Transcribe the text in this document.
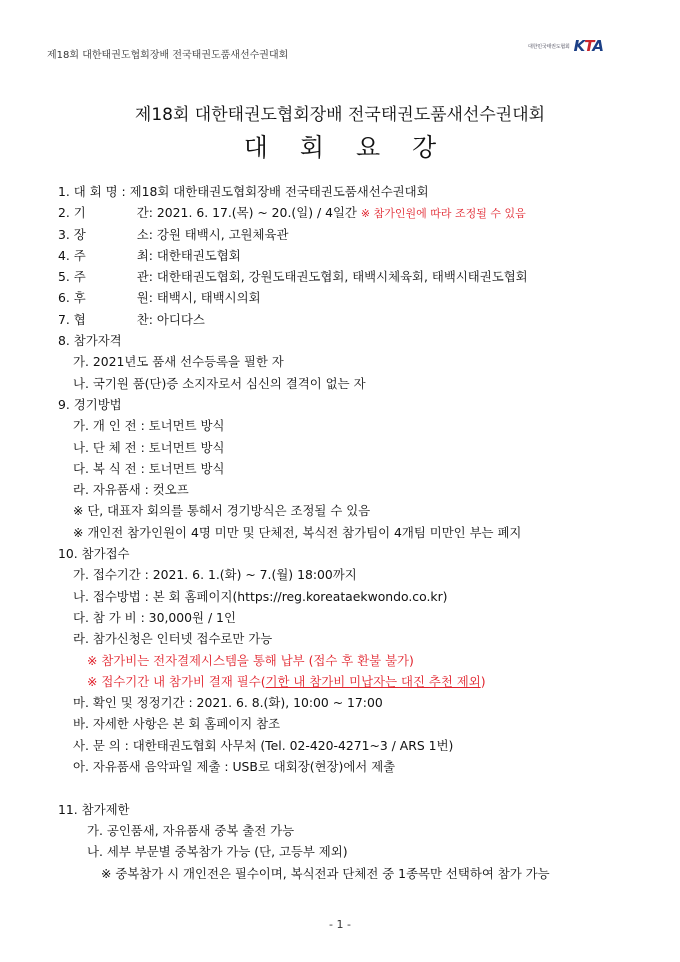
제18회 대한태권도협회장배 전국태권도품새선수권대회
대한민국태권도협회 KTA
제18회 대한태권도협회장배 전국태권도품새선수권대회
대 회 요 강
1. 대 회 명 : 제18회 대한태권도협회장배 전국태권도품새선수권대회
2. 기	간 : 2021. 6. 17.(목) ~ 20.(일) / 4일간 ※ 참가인원에 따라 조정될 수 있음
3. 장	소 : 강원 태백시, 고원체육관
4. 주	최 : 대한태권도협회
5. 주	관 : 대한태권도협회, 강원도태권도협회, 태백시체육회, 태백시태권도협회
6. 후	원 : 태백시, 태백시의회
7. 협	찬 : 아디다스
8. 참가자격
가. 2021년도 품새 선수등록을 필한 자
나. 국기원 품(단)증 소지자로서 심신의 결격이 없는 자
9. 경기방법
가. 개 인 전 : 토너먼트 방식
나. 단 체 전 : 토너먼트 방식
다. 복 식 전 : 토너먼트 방식
라. 자유품새 : 컷오프
※ 단, 대표자 회의를 통해서 경기방식은 조정될 수 있음
※ 개인전 참가인원이 4명 미만 및 단체전, 복식전 참가팀이 4개팀 미만인 부는 폐지
10. 참가접수
가. 접수기간 : 2021. 6. 1.(화) ~ 7.(월) 18:00까지
나. 접수방법 : 본 회 홈페이지(https://reg.koreataekwondo.co.kr)
다. 참 가 비 : 30,000원 / 1인
라. 참가신청은 인터넷 접수로만 가능
※ 참가비는 전자결제시스템을 통해 납부 (접수 후 환불 불가)
※ 접수기간 내 참가비 결재 필수(기한 내 참가비 미납자는 대진 추천 제외)
마. 확인 및 정정기간 : 2021. 6. 8.(화), 10:00 ~ 17:00
바. 자세한 사항은 본 회 홈페이지 참조
사. 문 의 : 대한태권도협회 사무처 (Tel. 02-420-4271~3 / ARS 1번)
아. 자유품새 음악파일 제출 : USB로 대회장(현장)에서 제출
11. 참가제한
가. 공인품새, 자유품새 중복 출전 가능
나. 세부 부문별 중복참가 가능 (단, 고등부 제외)
※ 중복참가 시 개인전은 필수이며, 복식전과 단체전 중 1종목만 선택하여 참가 가능
- 1 -
